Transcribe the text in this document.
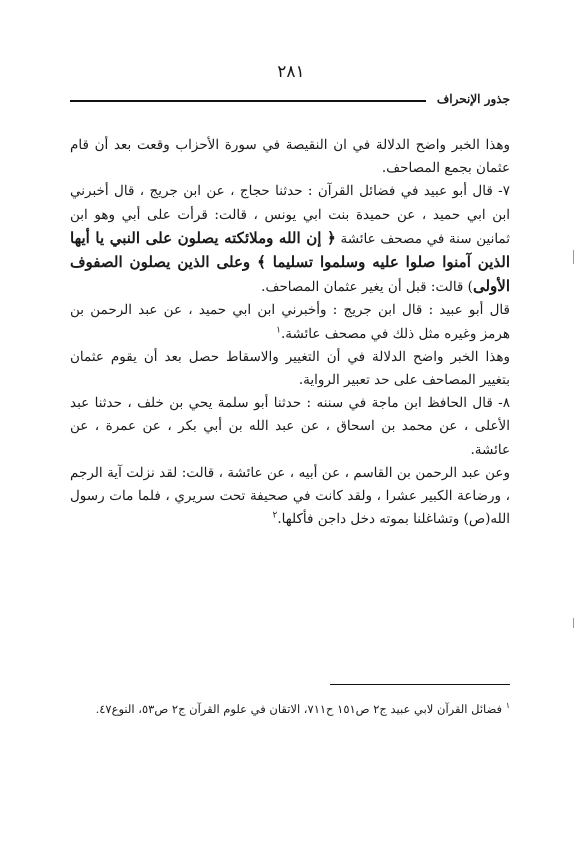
٢٨١
جذور الإنحراف

وهذا الخبر واضح الدلالة في ان النقيصة في سورة الأحزاب وقعت بعد أن قام عثمان بجمع المصاحف.

٧- قال أبو عبيد في فضائل القرآن : حدثنا حجاج ، عن ابن جريج ، قال أخبرني ابن ابي حميد ، عن حميدة بنت ابي يونس ، قالت: قرأت على أبي وهو ابن ثمانين سنة في مصحف عائشة ﴿ إن الله وملائكته يصلون على النبي يا أيها الذين آمنوا صلوا عليه وسلموا تسليما ﴾ وعلى الذين يصلون الصفوف الأولى) قالت: قبل أن يغير عثمان المصاحف.

قال أبو عبيد : قال ابن جريج : وأخبرني ابن ابي حميد ، عن عبد الرحمن بن هرمز وغيره مثل ذلك في مصحف عائشة.$^١$

وهذا الخبر واضح الدلالة في أن التغيير والاسقاط حصل بعد أن يقوم عثمان بتغيير المصاحف على حد تعبير الرواية.

٨- قال الحافظ ابن ماجة في سننه : حدثنا أبو سلمة يحي بن خلف ، حدثنا عبد الأعلى ، عن محمد بن اسحاق ، عن عبد الله بن أبي بكر ، عن عمرة ، عن عائشة.

وعن عبد الرحمن بن القاسم ، عن أبيه ، عن عائشة ، قالت: لقد نزلت آية الرجم ، ورضاعة الكبير عشرا ، ولقد كانت في صحيفة تحت سريري ، فلما مات رسول الله(ص) وتشاغلنا بموته دخل داجن فأكلها.$^٢$

$^١$ فضائل القرآن لابي عبيد ج٢ ص١٥١ ح٧١١، الاتقان في علوم القرآن ج٢ ص٥٣، النوع٤٧.
